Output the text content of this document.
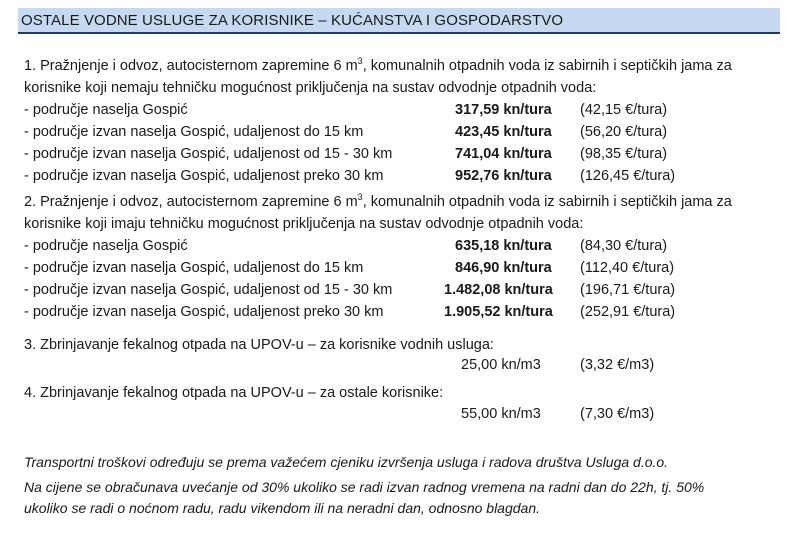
OSTALE VODNE USLUGE ZA KORISNIKE – KUĆANSTVA I GOSPODARSTVO
1. Pražnjenje i odvoz, autocisternom zapremine 6 $m^3$, komunalnih otpadnih voda iz sabirnih i septičkih jama za
korisnike koji nemaju tehničku mogućnost priključenja na sustav odvodnje otpadnih voda:
- područje naselja Gospić	317,59 kn/tura (42,15 €/tura)
- područje izvan naselja Gospić, udaljenost do 15 km	423,45 kn/tura (56,20 €/tura)
- područje izvan naselja Gospić, udaljenost od 15 - 30 km	741,04 kn/tura (98,35 €/tura)
- područje izvan naselja Gospić, udaljenost preko 30 km	952,76 kn/tura (126,45 €/tura)
2. Pražnjenje i odvoz, autocisternom zapremine 6 $m^3$, komunalnih otpadnih voda iz sabirnih i septičkih jama za
korisnike koji imaju tehničku mogućnost priključenja na sustav odvodnje otpadnih voda:
- područje naselja Gospić	635,18 kn/tura (84,30 €/tura)
- područje izvan naselja Gospić, udaljenost do 15 km	846,90 kn/tura (112,40 €/tura)
- područje izvan naselja Gospić, udaljenost od 15 - 30 km	1.482,08 kn/tura (196,71 €/tura)
- područje izvan naselja Gospić, udaljenost preko 30 km	1.905,52 kn/tura (252,91 €/tura)
3. Zbrinjavanje fekalnog otpada na UPOV-u – za korisnike vodnih usluga:
25,00 kn/m3	(3,32 €/m3)
4. Zbrinjavanje fekalnog otpada na UPOV-u – za ostale korisnike:
55,00 kn/m3	(7,30 €/m3)
Transportni troškovi određuju se prema važećem cjeniku izvršenja usluga i radova društva Usluga d.o.o.
Na cijene se obračunava uvećanje od 30% ukoliko se radi izvan radnog vremena na radni dan do 22h, tj. 50%
ukoliko se radi o noćnom radu, radu vikendom ili na neradni dan, odnosno blagdan.
